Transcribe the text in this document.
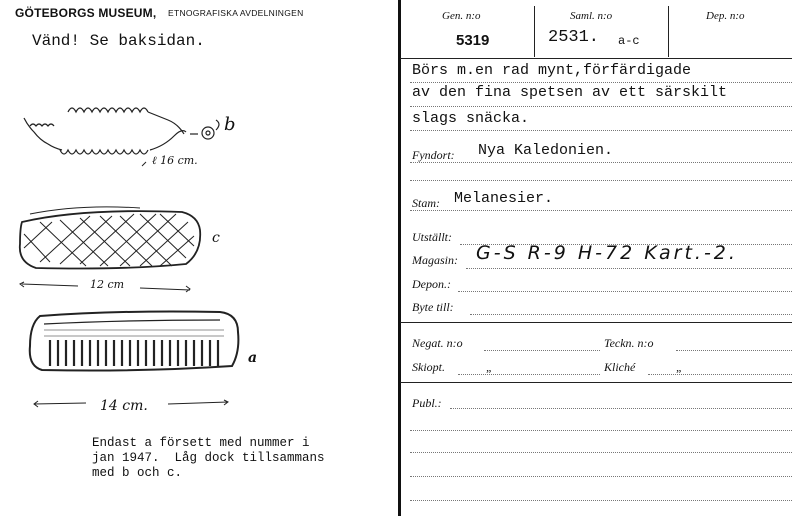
GÖTEBORGS MUSEUM, ETNOGRAFISKA AVDELNINGEN
Vänd! Se baksidan.
b
c
a
ℓ 16 cm.
12 cm
14 cm.
Endast a försett med nummer i
jan 1947.  Låg dock tillsammans
med b och c.
Gen. n:o
5319
Saml. n:o
2531. a-c
Dep. n:o
Börs m.en rad mynt,förfärdigade
av den fina spetsen av ett särskilt
slags snäcka.
Fyndort: Nya Kaledonien.
Stam: Melanesier.
Utställt:
Magasin: G-S R-9 H-72 Kart.-2.
Depon.:
Byte till:
Negat. n:o	Teckn. n:o
Skiopt.	„	Kliché	„
Publ.:
